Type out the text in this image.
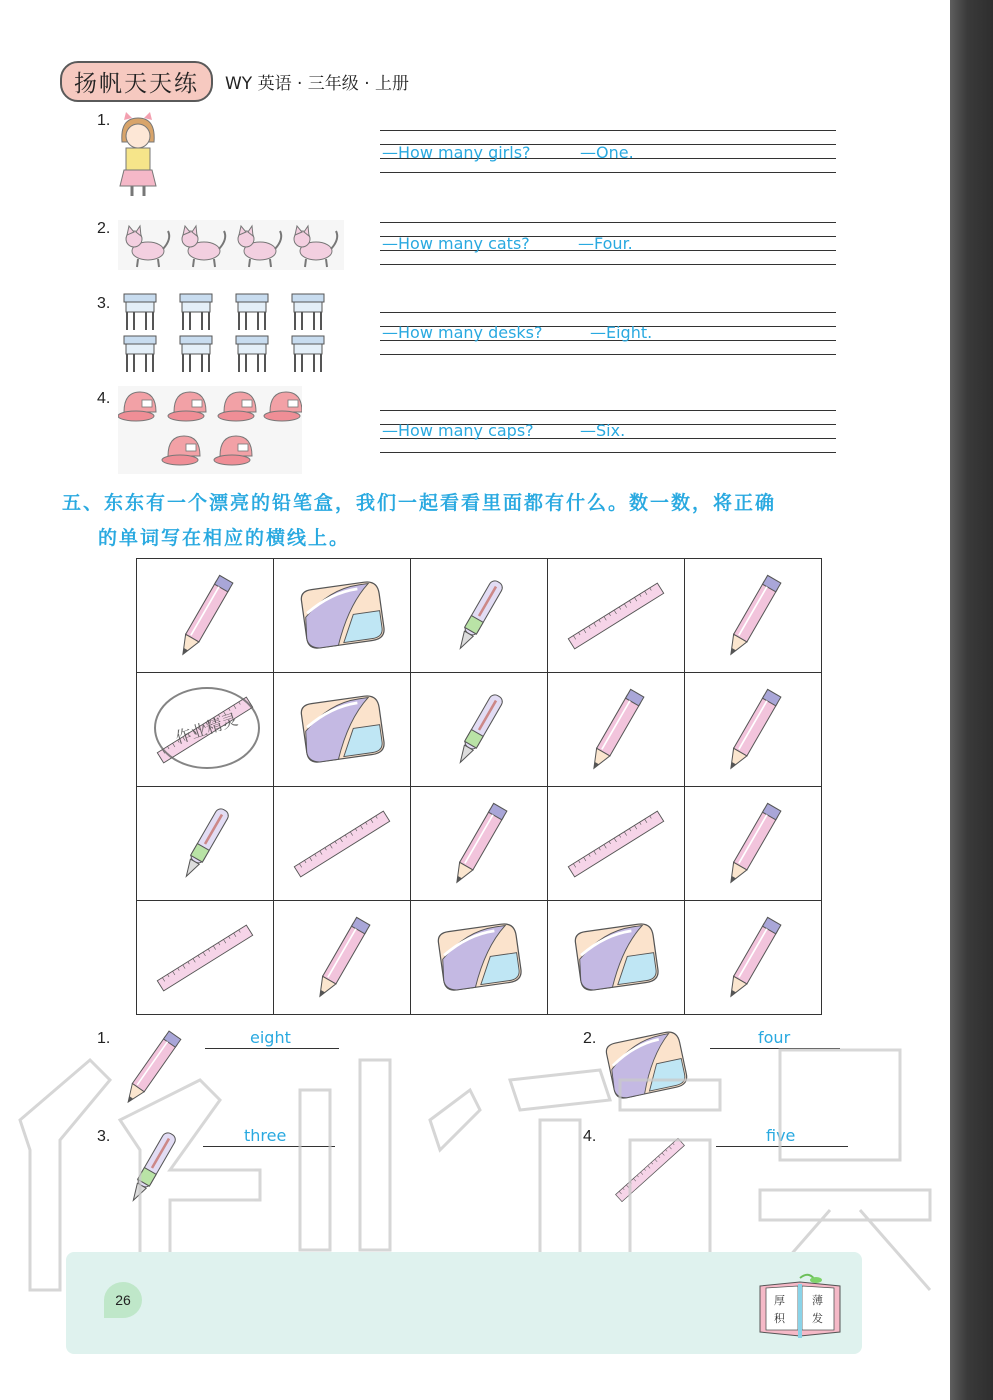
扬帆天天练	WY 英语 · 三年级 · 上册
1.
—How many girls?	—One.
2.
—How many cats?	—Four.
3.
—How many desks?	—Eight.
4.
—How many caps?	—Six.
五、东东有一个漂亮的铅笔盒，我们一起看看里面都有什么。数一数，将正确
的单词写在相应的横线上。

作业精灵

1.	eight	2.	four
3.	three	4.	five
26	厚 薄
积 发
